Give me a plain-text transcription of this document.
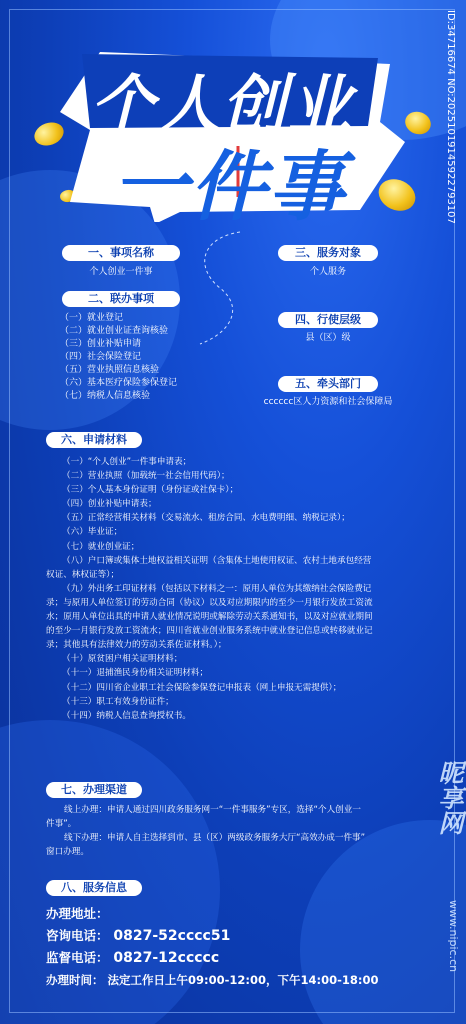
个人创业
一件事
一、事项名称
个人创业一件事
三、服务对象
个人服务
二、联办事项
（一）就业登记
（二）就业创业证查询核验
（三）创业补贴申请
（四）社会保险登记
（五）营业执照信息核验
（六）基本医疗保险参保登记
（七）纳税人信息核验
四、行使层级
县（区）级
五、牵头部门
cccccc区人力资源和社会保障局
六、申请材料
（一）“个人创业”一件事申请表；
（二）营业执照（加载统一社会信用代码）；
（三）个人基本身份证明（身份证或社保卡）；
（四）创业补贴申请表；
（五）正常经营相关材料（交易流水、租房合同、水电费明细、纳税记录）；
（六）毕业证；
（七）就业创业证；
（八）户口簿或集体土地权益相关证明（含集体土地使用权证、农村土地承包经营
权证、林权证等）；
（九）外出务工印证材料（包括以下材料之一：原用人单位为其缴纳社会保险费记
录；与原用人单位签订的劳动合同（协议）以及对应期限内的至少一月银行发放工资流
水；原用人单位出具的申请人就业情况说明或解除劳动关系通知书，以及对应就业期间
的至少一月银行发放工资流水；四川省就业创业服务系统中就业登记信息或转移就业记
录；其他具有法律效力的劳动关系佐证材料。）；
（十）原贫困户相关证明材料；
（十一）退捕渔民身份相关证明材料；
（十二）四川省企业职工社会保险参保登记申报表（网上申报无需提供）；
（十三）职工有效身份证件；
（十四）纳税人信息查询授权书。
七、办理渠道
线上办理：申请人通过四川政务服务网一“一件事服务”专区，选择“个人创业一
件事”。
线下办理：申请人自主选择到市、县（区）两级政务服务大厅“高效办成一件事”
窗口办理。
八、服务信息
办理地址：
咨询电话： 0827-52cccc51
监督电话： 0827-12ccccc
办理时间： 法定工作日上午09:00-12:00，下午14:00-18:00
ID:34716674 NO:20251019145922793107
昵享网
www.nipic.cn
